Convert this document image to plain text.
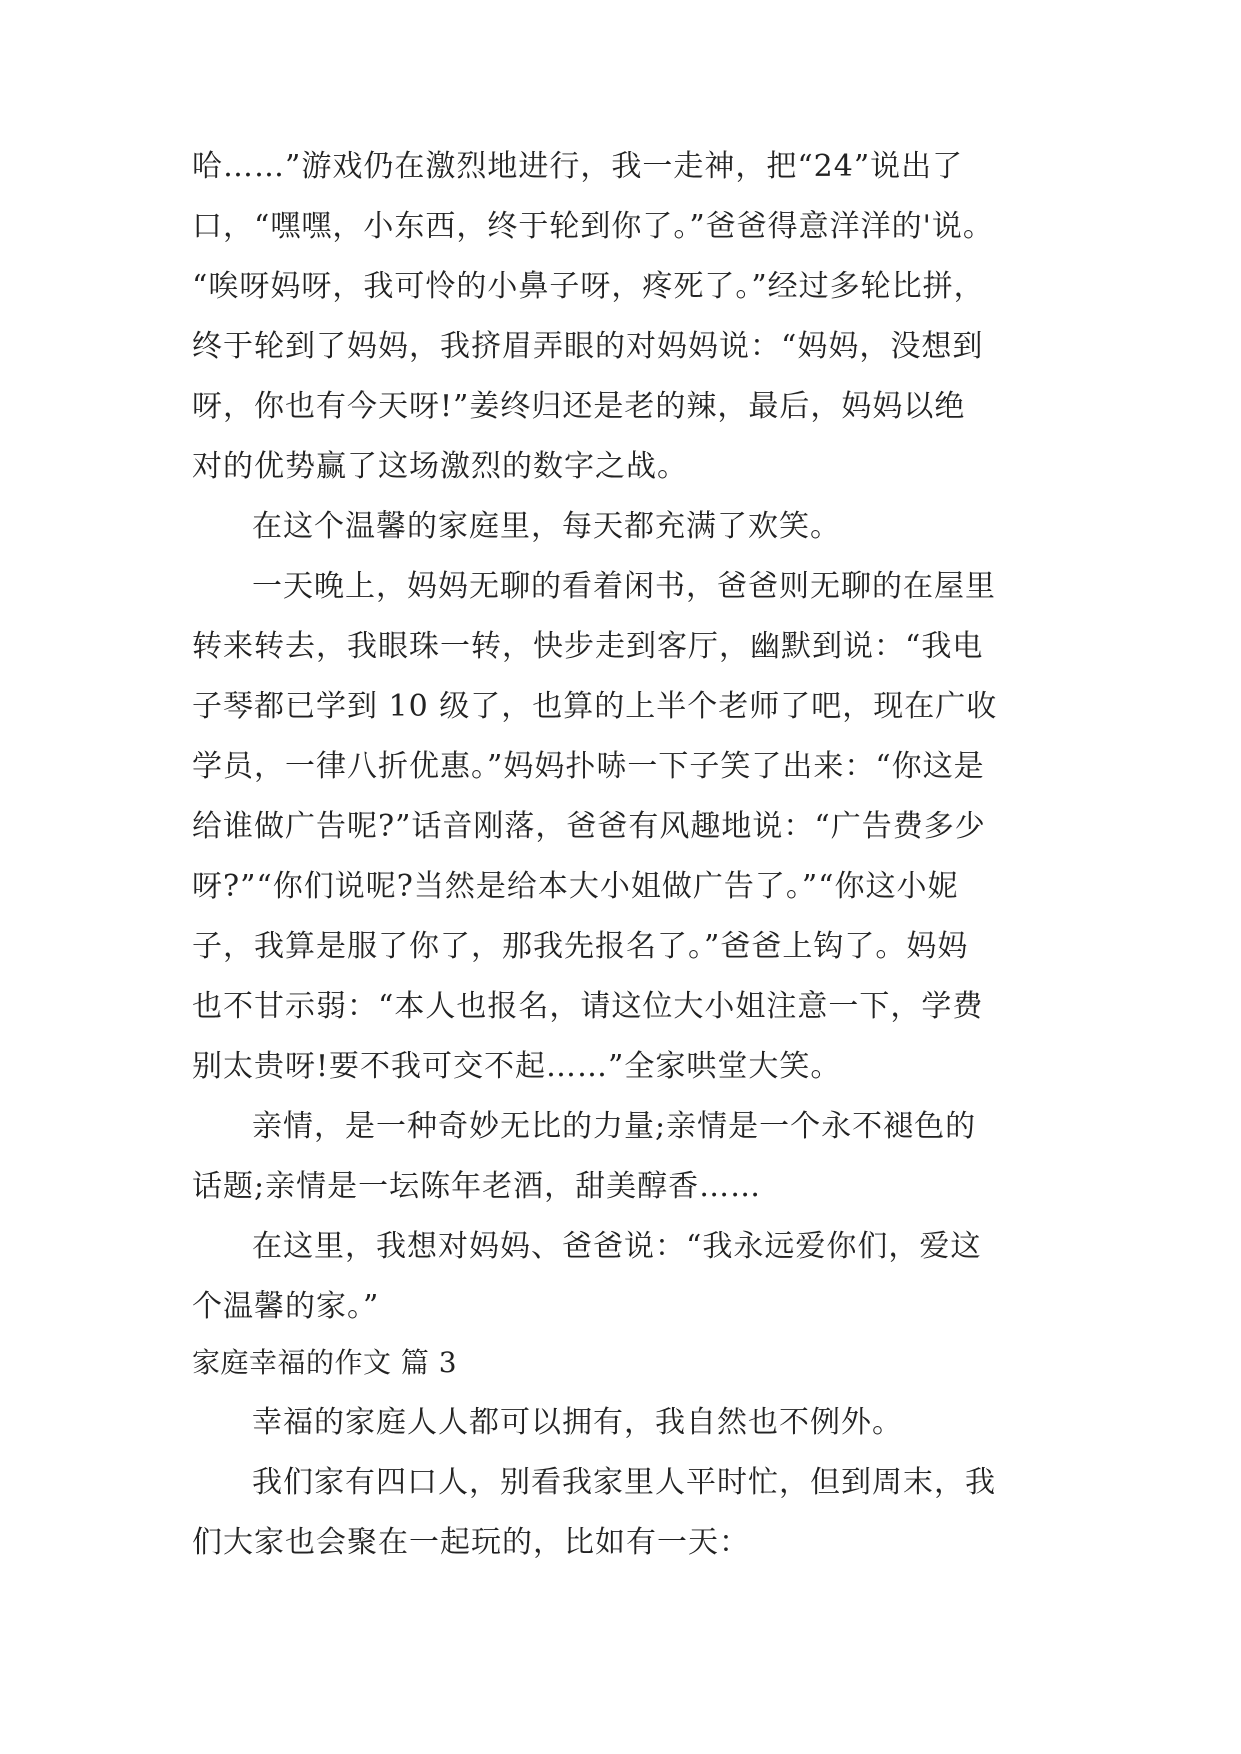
哈……”游戏仍在激烈地进行，我一走神，把“24”说出了
口，“嘿嘿，小东西，终于轮到你了。”爸爸得意洋洋的'说。
“唉呀妈呀，我可怜的小鼻子呀，疼死了。”经过多轮比拼，
终于轮到了妈妈，我挤眉弄眼的对妈妈说：“妈妈，没想到
呀，你也有今天呀!”姜终归还是老的辣，最后，妈妈以绝
对的优势赢了这场激烈的数字之战。
在这个温馨的家庭里，每天都充满了欢笑。
一天晚上，妈妈无聊的看着闲书，爸爸则无聊的在屋里
转来转去，我眼珠一转，快步走到客厅，幽默到说：“我电
子琴都已学到 10 级了，也算的上半个老师了吧，现在广收
学员，一律八折优惠。”妈妈扑哧一下子笑了出来：“你这是
给谁做广告呢?”话音刚落，爸爸有风趣地说：“广告费多少
呀?”“你们说呢?当然是给本大小姐做广告了。”“你这小妮
子，我算是服了你了，那我先报名了。”爸爸上钩了。妈妈
也不甘示弱：“本人也报名，请这位大小姐注意一下，学费
别太贵呀!要不我可交不起……”全家哄堂大笑。
亲情，是一种奇妙无比的力量;亲情是一个永不褪色的
话题;亲情是一坛陈年老酒，甜美醇香……
在这里，我想对妈妈、爸爸说：“我永远爱你们，爱这
个温馨的家。”
家庭幸福的作文 篇 3
幸福的家庭人人都可以拥有，我自然也不例外。
我们家有四口人，别看我家里人平时忙，但到周末，我
们大家也会聚在一起玩的，比如有一天：
